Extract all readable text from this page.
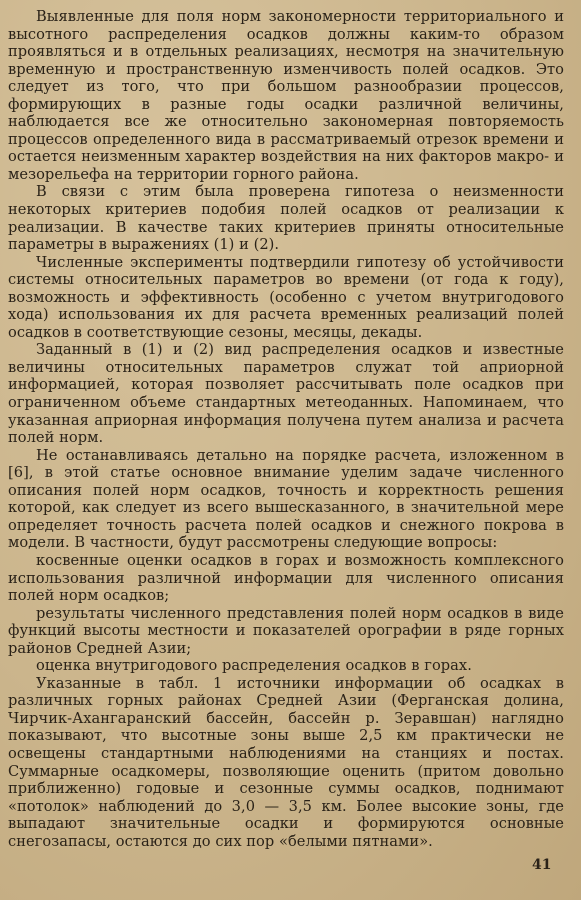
Выявленные для поля норм закономерности территориального и высотного распределения осадков должны каким-то образом проявляться и в отдельных реализациях, несмотря на значительную временную и пространственную изменчивость полей осадков. Это следует из того, что при большом разнообразии процессов, формирующих в разные годы осадки различной величины, наблюдается все же относительно закономерная повторяемость процессов определенного вида в рассматриваемый отрезок времени и остается неизменным характер воздействия на них факторов макро- и мезорельефа на территории горного района.

В связи с этим была проверена гипотеза о неизменности некоторых критериев подобия полей осадков от реализации к реализации. В качестве таких критериев приняты относительные параметры в выражениях (1) и (2).

Численные эксперименты подтвердили гипотезу об устойчивости системы относительных параметров во времени (от года к году), возможность и эффективность (особенно с учетом внутригодового хода) использования их для расчета временных реализаций полей осадков в соответствующие сезоны, месяцы, декады.

Заданный в (1) и (2) вид распределения осадков и известные величины относительных параметров служат той априорной информацией, которая позволяет рассчитывать поле осадков при ограниченном объеме стандартных метеоданных. Напоминаем, что указанная априорная информация получена путем анализа и расчета полей норм.

Не останавливаясь детально на порядке расчета, изложенном в [6], в этой статье основное внимание уделим задаче численного описания полей норм осадков, точность и корректность решения которой, как следует из всего вышесказанного, в значительной мере определяет точность расчета полей осадков и снежного покрова в модели. В частности, будут рассмотрены следующие вопросы:

косвенные оценки осадков в горах и возможность комплексного использования различной информации для численного описания полей норм осадков;

результаты численного представления полей норм осадков в виде функций высоты местности и показателей орографии в ряде горных районов Средней Азии;

оценка внутригодового распределения осадков в горах.

Указанные в табл. 1 источники информации об осадках в различных горных районах Средней Азии (Ферганская долина, Чирчик-Ахангаранский бассейн, бассейн р. Зеравшан) наглядно показывают, что высотные зоны выше 2,5 км практически не освещены стандартными наблюдениями на станциях и постах. Суммарные осадкомеры, позволяющие оценить (притом довольно приближенно) годовые и сезонные суммы осадков, поднимают «потолок» наблюдений до 3,0 — 3,5 км. Более высокие зоны, где выпадают значительные осадки и формируются основные снегозапасы, остаются до сих пор «белыми пятнами».

41
